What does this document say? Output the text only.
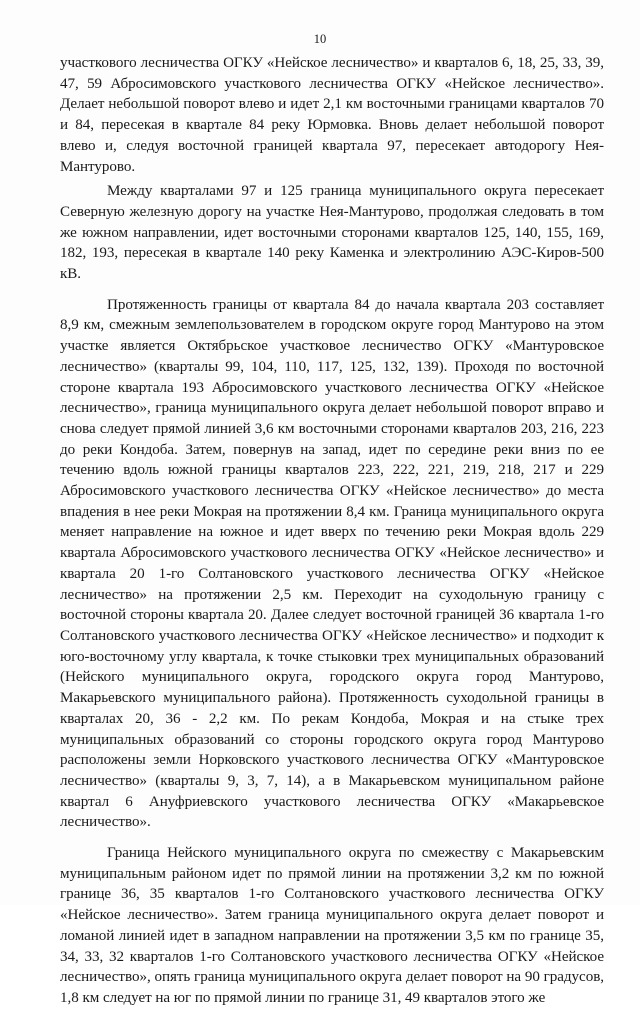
10

участкового лесничества ОГКУ «Нейское лесничество» и кварталов 6, 18, 25, 33, 39, 47, 59 Абросимовского участкового лесничества ОГКУ «Нейское лесничество». Делает небольшой поворот влево и идет 2,1 км восточными границами кварталов 70 и 84, пересекая в квартале 84 реку Юрмовка. Вновь делает небольшой поворот влево и, следуя восточной границей квартала 97, пересекает автодорогу Нея-Мантурово.

Между кварталами 97 и 125 граница муниципального округа пересекает Северную железную дорогу на участке Нея-Мантурово, продолжая следовать в том же южном направлении, идет восточными сторонами кварталов 125, 140, 155, 169, 182, 193, пересекая в квартале 140 реку Каменка и электролинию АЭС-Киров-500 кВ.

Протяженность границы от квартала 84 до начала квартала 203 составляет 8,9 км, смежным землепользователем в городском округе город Мантурово на этом участке является Октябрьское участковое лесничество ОГКУ «Мантуровское лесничество» (кварталы 99, 104, 110, 117, 125, 132, 139). Проходя по восточной стороне квартала 193 Абросимовского участкового лесничества ОГКУ «Нейское лесничество», граница муниципального округа делает небольшой поворот вправо и снова следует прямой линией 3,6 км восточными сторонами кварталов 203, 216, 223 до реки Кондоба. Затем, повернув на запад, идет по середине реки вниз по ее течению вдоль южной границы кварталов 223, 222, 221, 219, 218, 217 и 229 Абросимовского участкового лесничества ОГКУ «Нейское лесничество» до места впадения в нее реки Мокрая на протяжении 8,4 км. Граница муниципального округа меняет направление на южное и идет вверх по течению реки Мокрая вдоль 229 квартала Абросимовского участкового лесничества ОГКУ «Нейское лесничество» и квартала 20 1-го Солтановского участкового лесничества ОГКУ «Нейское лесничество» на протяжении 2,5 км. Переходит на суходольную границу с восточной стороны квартала 20. Далее следует восточной границей 36 квартала 1-го Солтановского участкового лесничества ОГКУ «Нейское лесничество» и подходит к юго-восточному углу квартала, к точке стыковки трех муниципальных образований (Нейского муниципального округа, городского округа город Мантурово, Макарьевского муниципального района). Протяженность суходольной границы в кварталах 20, 36 - 2,2 км. По рекам Кондоба, Мокрая и на стыке трех муниципальных образований со стороны городского округа город Мантурово расположены земли Норковского участкового лесничества ОГКУ «Мантуровское лесничество» (кварталы 9, 3, 7, 14), а в Макарьевском муниципальном районе квартал 6 Ануфриевского участкового лесничества ОГКУ «Макарьевское лесничество».

Граница Нейского муниципального округа по смежеству с Макарьевским муниципальным районом идет по прямой линии на протяжении 3,2 км по южной границе 36, 35 кварталов 1-го Солтановского участкового лесничества ОГКУ «Нейское лесничество». Затем граница муниципального округа делает поворот и ломаной линией идет в западном направлении на протяжении 3,5 км по границе 35, 34, 33, 32 кварталов 1-го Солтановского участкового лесничества ОГКУ «Нейское лесничество», опять граница муниципального округа делает поворот на 90 градусов, 1,8 км следует на юг по прямой линии по границе 31, 49 кварталов этого же
